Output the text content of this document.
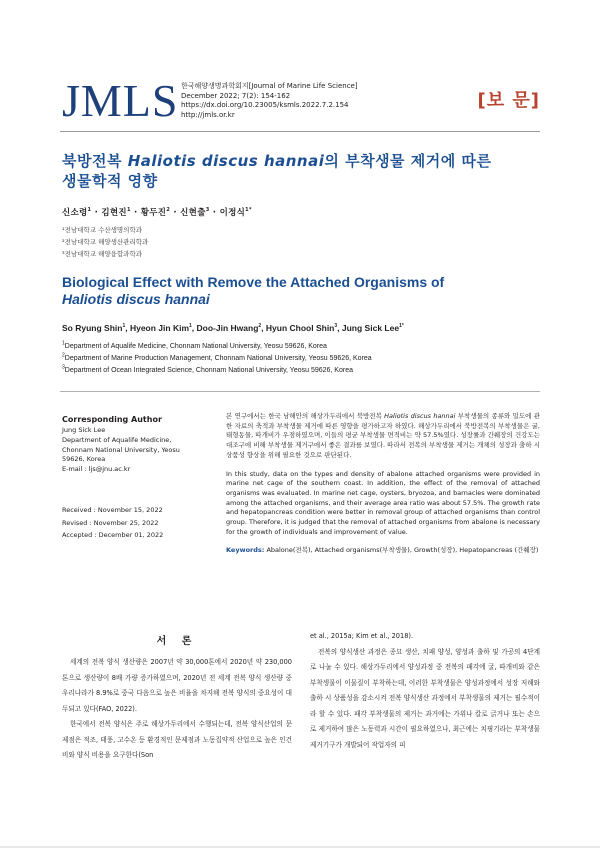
JMLS 한국해양생명과학회지[Journal of Marine Life Science]
December 2022; 7(2): 154-162
https://dx.doi.org/10.23005/ksmls.2022.7.2.154
http://jmls.or.kr
[보 문]
북방전복 Haliotis discus hannai의 부착생물 제거에 따른
생물학적 영향
신소령$^1$ · 김현진$^1$ · 황두진$^2$ · 신현출$^3$ · 이정식$^{1*}$
¹전남대학교 수산생명의학과
²전남대학교 해양생산관리학과
³전남대학교 해양융합과학과
Biological Effect with Remove the Attached Organisms of
Haliotis discus hannai
So Ryung Shin$^1$, Hyeon Jin Kim$^1$, Doo-Jin Hwang$^2$, Hyun Chool Shin$^3$, Jung Sick Lee$^{1*}$
$^1$Department of Aqualife Medicine, Chonnam National University, Yeosu 59626, Korea
$^2$Department of Marine Production Management, Chonnam National University, Yeosu 59626, Korea
$^3$Department of Ocean Integrated Science, Chonnam National University, Yeosu 59626, Korea
Corresponding Author
Jung Sick Lee
Department of Aqualife Medicine,
Chonnam National University, Yeosu
59626, Korea
E-mail : ljs@jnu.ac.kr
Received : November 15, 2022
Revised : November 25, 2022
Accepted : December 01, 2022

본 연구에서는 한국 남해안의 해상가두리에서 북방전복 Haliotis discus hannai 부착생물의 종류와 밀도에 관한 자료의 축적과 부착생물 제거에 따른 영향을 평가하고자 하였다. 해상가두리에서 북방전복의 부착생물은 굴, 태형동물, 따개비가 우점하였으며, 이들의 평균 부착생물 면적비는 약 57.5%였다. 성장률과 간췌장의 건강도는 대조구에 비해 부착생물 제거구에서 좋은 결과를 보였다. 따라서 전복의 부착생물 제거는 개체의 성장과 출하 시 상품성 향상을 위해 필요한 것으로 판단된다.

In this study, data on the types and density of abalone attached organisms were provided in marine net cage of the southern coast. In addition, the effect of the removal of attached organisms was evaluated. In marine net cage, oysters, bryozoa, and barnacles were dominated among the attached organisms, and their average area ratio was about 57.5%. The growth rate and hepatopancreas condition were better in removal group of attached organisms than control group. Therefore, it is judged that the removal of attached organisms from abalone is necessary for the growth of individuals and improvement of value.

Keywords: Abalone(전복), Attached organisms(부착생물), Growth(성장), Hepatopancreas (간췌장)

서 론

세계의 전복 양식 생산량은 2007년 약 30,000톤에서 2020년 약 230,000톤으로 생산량이 8배 가량 증가하였으며, 2020년 전 세계 전복 양식 생산량 중 우리나라가 8.9%로 중국 다음으로 높은 비율을 차지해 전복 양식의 중요성이 대두되고 있다(FAO, 2022).

한국에서 전복 양식은 주로 해상가두리에서 수행되는데, 전복 양식산업의 문제점은 적조, 태풍, 고수온 등 환경적인 문제점과 노동집약적 산업으로 높은 인건비와 양식 비용을 요구한다(Son

et al., 2015a; Kim et al., 2018).

전복의 양식생산 과정은 종묘 생산, 치패 양성, 양성과 출하 및 가공의 4단계로 나눌 수 있다. 해상가두리에서 양성과정 중 전복의 패각에 굴, 따개비와 같은 부착생물이 이물질이 부착하는데, 이러한 부착생물은 양성과정에서 성장 저해와 출하 시 상품성을 감소시켜 전복 양식생산 과정에서 부착생물의 제거는 필수적이라 할 수 있다. 패각 부착생물의 제거는 과거에는 가위나 칼로 긁거나 또는 손으로 제거하여 많은 노동력과 시간이 필요하였으나, 최근에는 치핑기라는 부착생물 제거기구가 개발되어 작업자의 피
